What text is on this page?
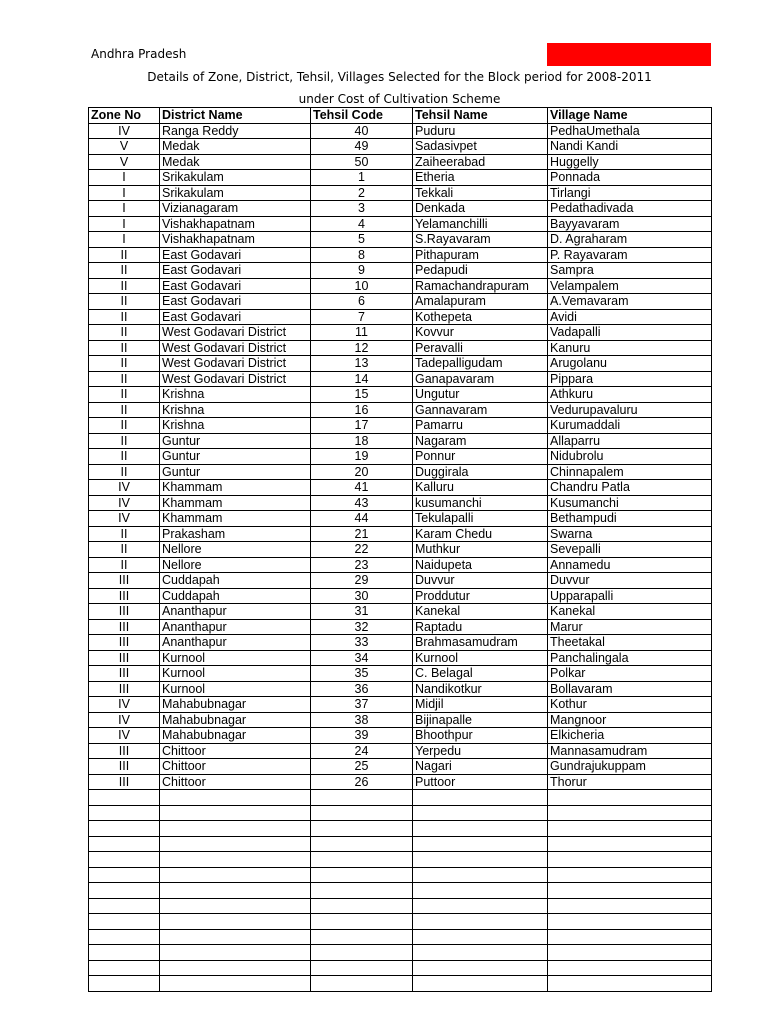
Andhra Pradesh
Details of Zone, District, Tehsil, Villages Selected for the Block period for 2008-2011
under Cost of Cultivation Scheme
Zone No	District Name	Tehsil Code	Tehsil Name	Village Name
IV	Ranga Reddy	40	Puduru	PedhaUmethala
V	Medak	49	Sadasivpet	Nandi Kandi
V	Medak	50	Zaiheerabad	Huggelly
I	Srikakulam	1	Etheria	Ponnada
I	Srikakulam	2	Tekkali	Tirlangi
I	Vizianagaram	3	Denkada	Pedathadivada
I	Vishakhapatnam	4	Yelamanchilli	Bayyavaram
I	Vishakhapatnam	5	S.Rayavaram	D. Agraharam
II	East Godavari	8	Pithapuram	P. Rayavaram
II	East Godavari	9	Pedapudi	Sampra
II	East Godavari	10	Ramachandrapuram	Velampalem
II	East Godavari	6	Amalapuram	A.Vemavaram
II	East Godavari	7	Kothepeta	Avidi
II	West Godavari District	11	Kovvur	Vadapalli
II	West Godavari District	12	Peravalli	Kanuru
II	West Godavari District	13	Tadepalligudam	Arugolanu
II	West Godavari District	14	Ganapavaram	Pippara
II	Krishna	15	Ungutur	Athkuru
II	Krishna	16	Gannavaram	Vedurupavaluru
II	Krishna	17	Pamarru	Kurumaddali
II	Guntur	18	Nagaram	Allaparru
II	Guntur	19	Ponnur	Nidubrolu
II	Guntur	20	Duggirala	Chinnapalem
IV	Khammam	41	Kalluru	Chandru Patla
IV	Khammam	43	kusumanchi	Kusumanchi
IV	Khammam	44	Tekulapalli	Bethampudi
II	Prakasham	21	Karam Chedu	Swarna
II	Nellore	22	Muthkur	Sevepalli
II	Nellore	23	Naidupeta	Annamedu
III	Cuddapah	29	Duvvur	Duvvur
III	Cuddapah	30	Proddutur	Upparapalli
III	Ananthapur	31	Kanekal	Kanekal
III	Ananthapur	32	Raptadu	Marur
III	Ananthapur	33	Brahmasamudram	Theetakal
III	Kurnool	34	Kurnool	Panchalingala
III	Kurnool	35	C. Belagal	Polkar
III	Kurnool	36	Nandikotkur	Bollavaram
IV	Mahabubnagar	37	Midjil	Kothur
IV	Mahabubnagar	38	Bijinapalle	Mangnoor
IV	Mahabubnagar	39	Bhoothpur	Elkicheria
III	Chittoor	24	Yerpedu	Mannasamudram
III	Chittoor	25	Nagari	Gundrajukuppam
III	Chittoor	26	Puttoor	Thorur
